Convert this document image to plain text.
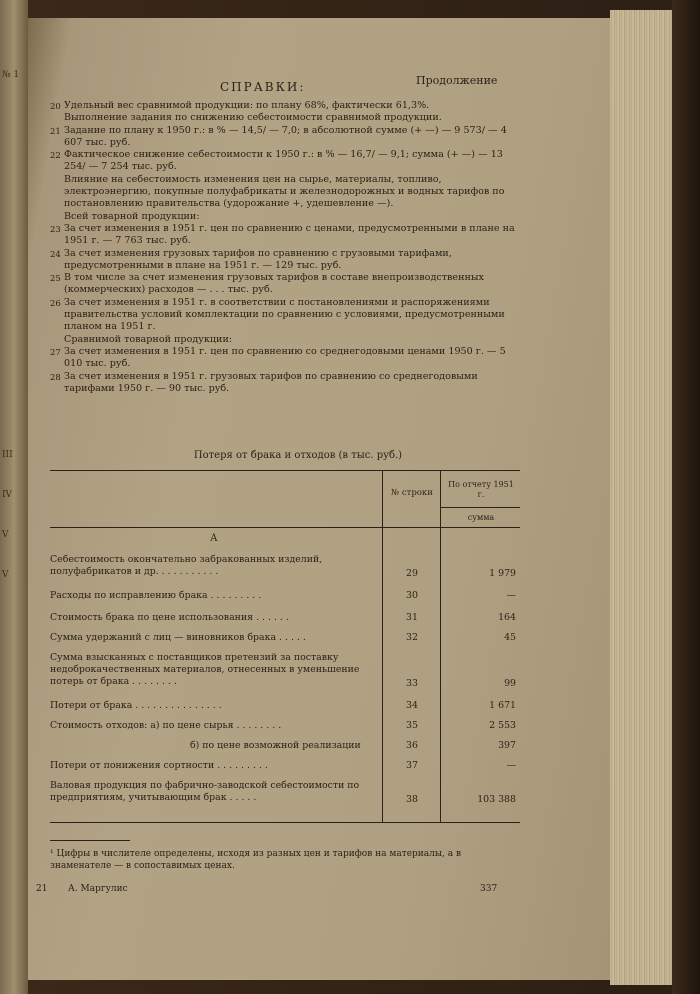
№ 1
III
IV
V
V
СПРАВКИ:	Продолжение

20 Удельный вес сравнимой продукции: по плану 68%, фактически 61,3%.

Выполнение задания по снижению себестоимости сравнимой продукции.

21 Задание по плану к 1950 г.: в % — 14,5/ — 7,0; в абсолютной сумме (+ —) — 9 573/ — 4 607 тыс. руб.

22 Фактическое снижение себестоимости к 1950 г.: в % — 16,7/ — 9,1; сумма (+ —) — 13 254/ — 7 254 тыс. руб.

Влияние на себестоимость изменения цен на сырье, материалы, топливо, электроэнергию, покупные полуфабрикаты и железнодорожных и водных тарифов по постановлению правительства (удорожание +, удешевление —).

Всей товарной продукции:

23 За счет изменения в 1951 г. цен по сравнению с ценами, предусмотренными в плане на 1951 г. — 7 763 тыс. руб.

24 За счет изменения грузовых тарифов по сравнению с грузовыми тарифами, предусмотренными в плане на 1951 г. — 129 тыс. руб.

25 В том числе за счет изменения грузовых тарифов в составе внепроизводственных (коммерческих) расходов — . . . тыс. руб.

26 За счет изменения в 1951 г. в соответствии с постановлениями и распоряжениями правительства условий комплектации по сравнению с условиями, предусмотренными планом на 1951 г.

Сравнимой товарной продукции:

27 За счет изменения в 1951 г. цен по сравнению со среднегодовыми ценами 1950 г. — 5 010 тыс. руб.

28 За счет изменения в 1951 г. грузовых тарифов по сравнению со среднегодовыми тарифами 1950 г. — 90 тыс. руб.

Потеря от брака и отходов (в тыс. руб.)
№ строки
По отчету 1951 г.
сумма
А
Себестоимость окончательно забракованных изделий, полуфабрикатов и др. . . . . . . . . . .	29	1 979
Расходы по исправлению брака . . . . . . . . .	30	—
Стоимость брака по цене использования . . . . . .	31	164
Сумма удержаний с лиц — виновников брака . . . . .	32	45
Сумма взысканных с поставщиков претензий за поставку недоброкачественных материалов, отнесенных в уменьшение потерь от брака . . . . . . . .	33	99
Потери от брака . . . . . . . . . . . . . . .	34	1 671
Стоимость отходов: а) по цене сырья . . . . . . . .	35	2 553
б) по цене возможной реализации	36	397
Потери от понижения сортности . . . . . . . . .	37	—
Валовая продукция по фабрично-заводской себестоимости по предприятиям, учитывающим брак . . . . .	38	103 388
¹ Цифры в числителе определены, исходя из разных цен и тарифов на материалы, а в знаменателе — в сопоставимых ценах.
21 А. Маргулис	337
